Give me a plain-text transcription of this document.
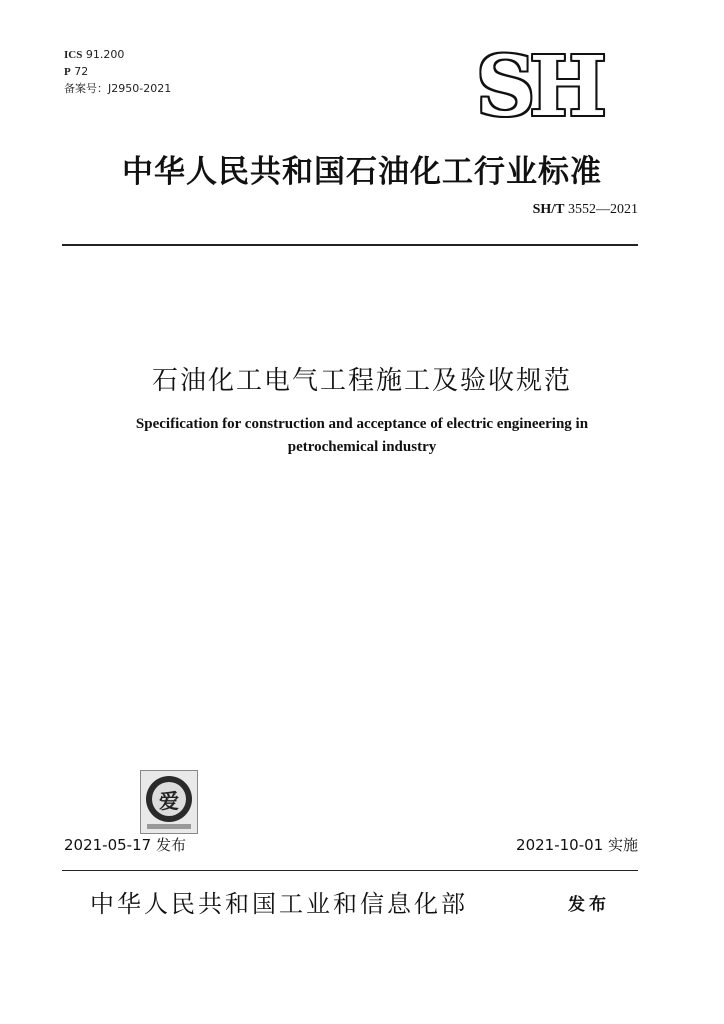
ICS 91.200
P 72
备案号：J2950-2021	SH
中华人民共和国石油化工行业标准
SH/T 3552—2021
石油化工电气工程施工及验收规范
Specification for construction and acceptance of electric engineering in
petrochemical industry
爱
2021-05-17 发布	2021-10-01 实施
中华人民共和国工业和信息化部	发布
